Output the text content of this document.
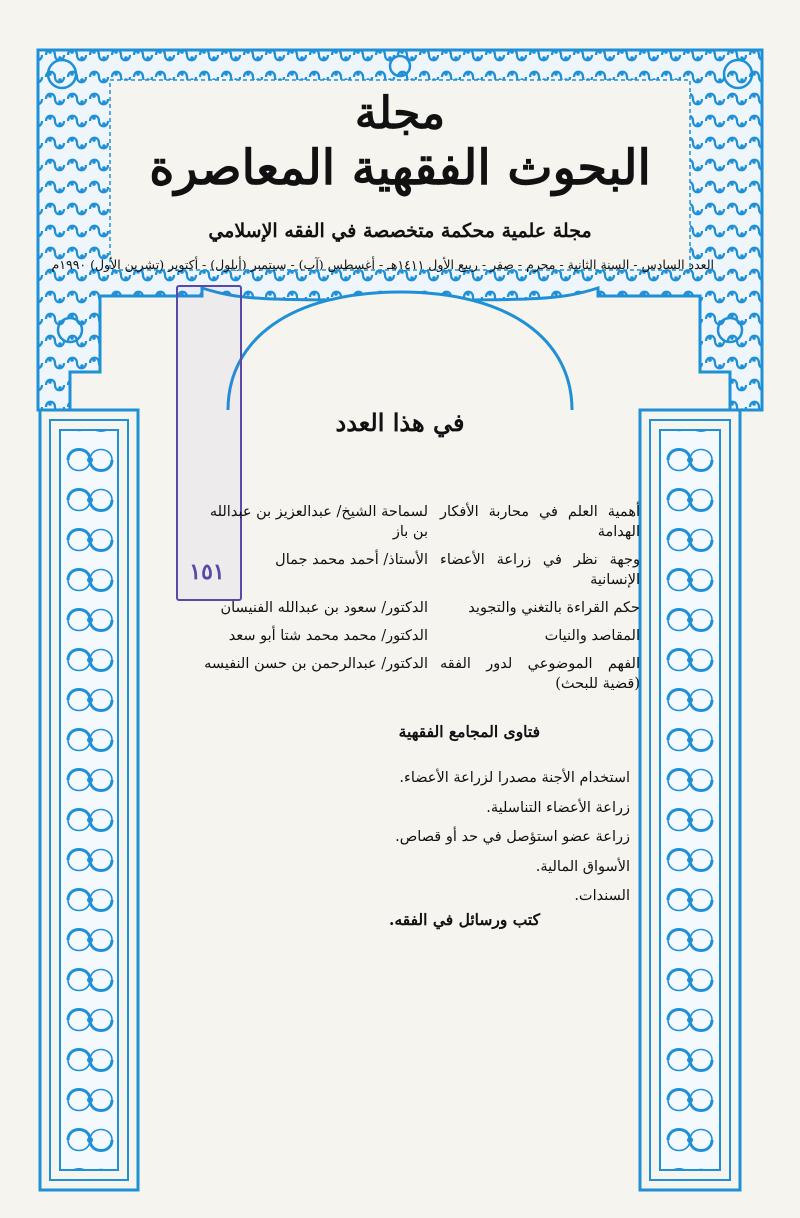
١٥١
مجلة
البحوث الفقهية المعاصرة
مجلة علمية محكمة متخصصة في الفقه الإسلامي
العدد السادس - السنة الثانية - محرم - صفر - ربيع الأول ١٤١١هـ - أغسطس (آب) - سبتمبر (أيلول) - أكتوبر (تشرين الأول) ١٩٩٠م
في هذا العدد
أهمية العلم في محاربة الأفكار الهدامة
لسماحة الشيخ/ عبدالعزيز بن عبدالله بن باز
وجهة نظر في زراعة الأعضاء الإنسانية
الأستاذ/ أحمد محمد جمال
حكم القراءة بالتغني والتجويد
الدكتور/ سعود بن عبدالله الفنيسان
المقاصد والنيات
الدكتور/ محمد محمد شتا أبو سعد
الفهم الموضوعي لدور الفقه (قضية للبحث)
الدكتور/ عبدالرحمن بن حسن النفيسه
فتاوى المجامع الفقهية
استخدام الأجنة مصدرا لزراعة الأعضاء.
زراعة الأعضاء التناسلية.
زراعة عضو استؤصل في حد أو قصاص.
الأسواق المالية.
السندات.
كتب ورسائل في الفقه.
